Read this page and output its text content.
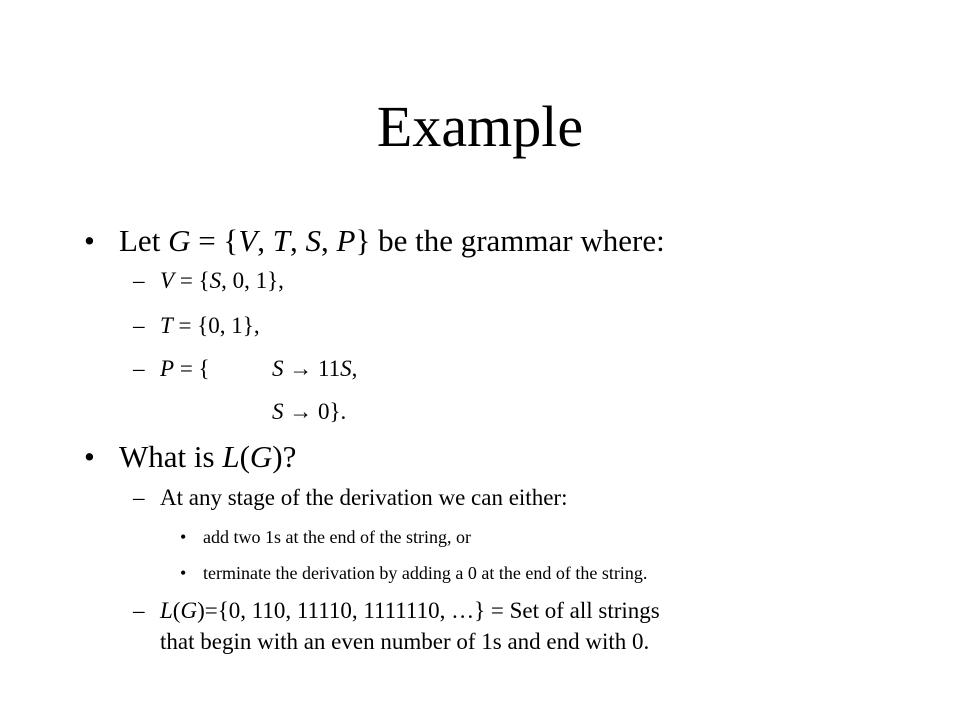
Example
• Let G = {V, T, S, P} be the grammar where:
– V = {S, 0, 1},
– T = {0, 1},
– P = {	S → 11S,
S → 0}.
• What is L(G)?
– At any stage of the derivation we can either:
• add two 1s at the end of the string, or
• terminate the derivation by adding a 0 at the end of the string.
– L(G)={0, 110, 11110, 1111110, …} = Set of all strings
that begin with an even number of 1s and end with 0.
